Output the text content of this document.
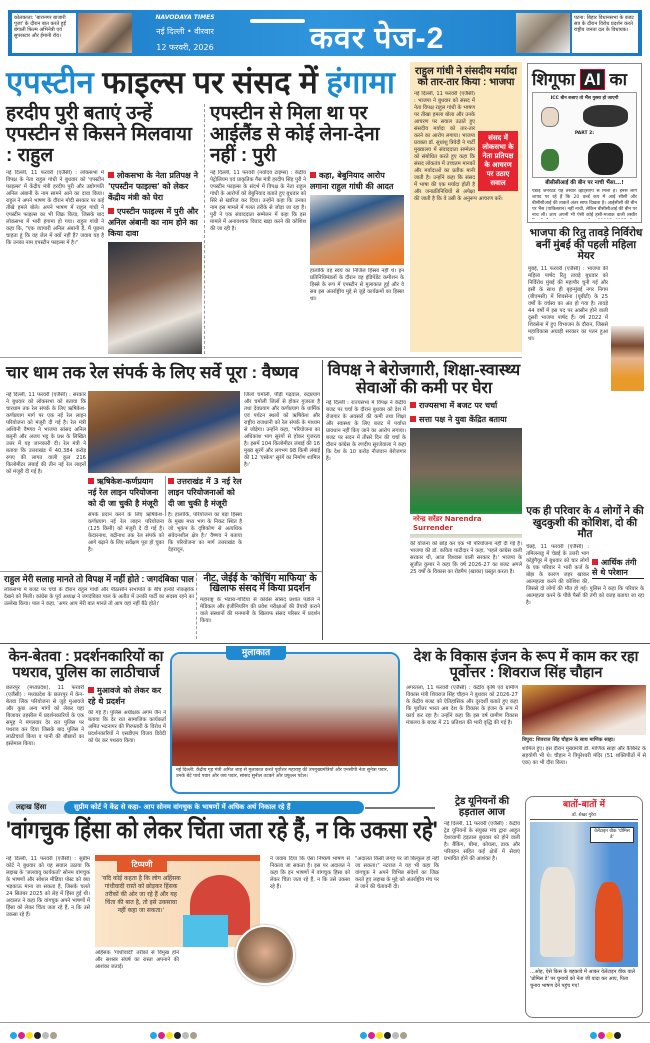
कोलकाता: 'बारानगर बाजारी पूजा' के दौरान बात करते हुईं बंगाली फिल्म अभिनेत्री एवं सुपरस्टार और ईमानी रॉय।
NAVODAYA TIMES
नई दिल्ली • वीरवार
12 फरवरी, 2026	कवर पेज-2
पटना: बिहार विधानसभा के बजट सत्र के दौरान विरोध प्रदर्शन करते राष्ट्रीय जनता दल के विधायक।
एपस्टीन फाइल्स पर संसद में हंगामा
हरदीप पुरी बताएं उन्हें एपस्टीन से किसने मिलवाया : राहुल

नई दिल्ली, 11 फरवरी (एजैंसी) : लोकसभा में विपक्ष के नेता राहुल गांधी ने बुधवार को 'एपस्टीन फाइल्स' में केंद्रीय मंत्री हरदीप पुरी और उद्योगपति अनिल अंबानी के नाम सामने आने का दावा किया। राहुल ने अपने भाषण के दौरान मोदी सरकार पर कई तीखे हमले बोले। अपने भाषण में राहुल गांधी ने एपस्टीन फाइल्स का भी जिक्र किया, जिसके बाद लोकसभा में भारी हंगामा हो गया। राहुल गांधी ने कहा कि, "एक व्यापारी अनिल अंबानी हैं, मैं पूछना चाहता हूं कि वह जेल में क्यों नहीं हैं? जवाब यह है कि उनका नाम एपस्टीन फाइल्स में है।"

लोकसभा के नेता प्रतिपक्ष ने 'एपस्टीन फाइल्स' को लेकर केंद्रीय मंत्री को घेरा
एपस्टीन फाइल्स में पुरी और अनिल अंबानी का नाम होने का किया दावा
एपस्टीन से मिला था पर आईलैंड से कोई लेना-देना नहीं : पुरी

नई दिल्ली, 11 फरवरी (नवोदय टाइम्स) : केंद्रीय पेट्रोलियम एवं प्राकृतिक गैस मंत्री हरदीप सिंह पुरी ने एपस्टीन फाइल्स के संदर्भ में विपक्ष के नेता राहुल गांधी के आरोपों को बेबुनियाद बताते हुए बुधवार को सिरे से खारिज कर दिया। उन्होंने कहा कि उनका नाम इस मामले में गलत तरीके से जोड़ा जा रहा है। पुरी ने एक संवाददाता सम्मेलन में कहा कि इस मामले में अनावश्यक विवाद खड़ा करने की कोशिश की जा रही है।

कहा, बेबुनियाद आरोप लगाना राहुल गांधी की आदत

हालांकि वह स्वयं का निजिल हिस्सा नहीं थे। इन प्रतिनिधिमंडलों के दौरान वह इंडिपेंडेंट कमीशन के हिस्से के रूप में एपस्टीन से मुलाकात हुई और वे सब इस अंतर्राष्ट्रीय मुद्दे से जुड़े कार्यक्रमों का हिस्सा था।

राहुल गांधी ने संसदीय मर्यादा को तार-तार किया : भाजपा
संसद में लोकसभा के नेता प्रतिपक्ष के आचरण पर उठाए सवाल

नई दिल्ली, 11 फरवरी (एजैंसी) : भाजपा ने बुधवार को संसद में नेता विपक्ष राहुल गांधी के भाषण पर तीखा हमला बोला और उनके आचरण पर सवाल उठाते हुए संसदीय मर्यादा को तार-तार करने का आरोप लगाया। भाजपा प्रवक्ता डॉ. सुधांशु त्रिवेदी ने पार्टी मुख्यालय में संवाददाता सम्मेलन को संबोधित करते हुए कहा कि संसद लोकतंत्र में उच्चतम मानकों और मर्यादाओं का प्रतीक मानी जाती है। उन्होंने कहा कि संसद में भाषा की एक मर्यादा होती है और जनप्रतिनिधियों से अपेक्षा की जाती है कि वे उसी के अनुरूप आचरण करें।

शिगूफा AI का
ICC बीन बजाए तो भैंस गुस्सा हो जाएगी
PART 2:
बीसीसीआई की बीन पर नाची भैंसा...!

एडाई जेनरेटेड यह तस्वीर व्हाट्सएप से मिली है। इनसे लोग शायद पर रहे हैं कि 20 वर्ल्ड कप में आई सीसी और बीसीसीआई की ताकतें अंतर साफ दिखता है। आईसीसी की बीन पर भैंस (पाकिस्तान) नहीं नाची, लेकिन बीसीसीआई की बीन पर नाच ली। आप अपनी भी ऐसी कोई हंसी-मजाक वाली तस्वीर

भाजपा की रितु तावड़े निर्विरोध बनीं मुंबई की पहली महिला मेयर

मुंबई, 11 फरवरी (एजैंसी) : भाजपा की महिला पार्षद रितु तावड़े बुधवार को निर्विरोध मुंबई की महापौर चुनी गईं और इसी के साथ ही बृहन्मुंबई नगर निगम (बीएमसी) में शिवसेना (यूबीटी) के 25 वर्षों के वर्चस्व का अंत हो गया है। तावड़े 44 वर्षों में इस पद पर आसीन होने वाली दूसरी भाजपा पार्षद हैं। वर्ष 2022 में शिवसेना में हुए विभाजन के दौरान, जिससे महाविकास अघाड़ी सरकार का पतन हुआ था।

चार धाम तक रेल संपर्क के लिए सर्वे पूरा : वैष्णव

नई दिल्ली, 11 फरवरी (एजैंसी) : सरकार ने बुधवार को लोकसभा को बताया कि चारधाम तक रेल संपर्क के लिए ऋषिकेश-कर्णप्रयाग मार्ग पर एक नई रेल लाइन परियोजना को मंजूरी दी गई है। रेल मंत्री अश्विनी वैष्णव ने भाजपा सांसद अनिल बलूनी और अजय भट्ट के प्रश्न के लिखित उत्तर में यह जानकारी दी। रेल मंत्री ने बताया कि उत्तराखंड में 40,384 करोड़ रुपए की लागत वाली कुल 216 किलोमीटर लंबाई की तीन नई रेल लाइनों को मंजूरी दी गई है।

जिलों चमोली, पौड़ी गढ़वाल, रुद्रप्रयाग और चमोली जिलों से होकर गुजरता है तथा देवप्रयाग और कर्णप्रयाग के धार्मिक एवं पर्यटन स्थलों को ऋषिकेश और राष्ट्रीय राजधानी को रेल संपर्क के माध्यम से जोड़ेगा। उन्होंने कहा, 'परियोजना का अधिकांश भाग सुरंगों से होकर गुजरता है। इसमें 104 किलोमीटर लंबाई की 16 मुख्य सुरंगें और लगभग 98 किमी लंबाई की 12 'एस्केप' सुरंगें का निर्माण शामिल है।'

ऋषिकेश-कर्णप्रयाग नई रेल लाइन परियोजना को दी जा चुकी है मंजूरी

संपर्क प्रदान करने के लिए ऋषिकेश-कर्णप्रयाग नई रेल लाइन परियोजना (125 किमी) को मंजूरी दे दी गई है। केदारनाथ, बद्रीनाथ तक रेल संपर्क को आगे बढ़ाने के लिए सर्वेक्षण पूरा हो चुका है।

उत्तराखंड में 3 नई रेल लाइन परियोजनाओं को दी जा चुकी है मंजूरी

है। हालांकि, परियोजना का बड़ा हिस्सा के मुख्य मध्य भाग के निकट स्थित है जो भूकंप के दृष्टिकोण से अत्यधिक संवेदनशील क्षेत्र है।' वैष्णव ने बताया कि परियोजना का मार्ग उत्तराखंड के देहरादून,

विपक्ष ने बेरोजगारी, शिक्षा-स्वास्थ्य सेवाओं की कमी पर घेरा

नई दिल्ली : राज्यसभा में विपक्ष ने केंद्रीय बजट पर चर्चा के दौरान बुधवार को देश में रोजगार के अवसरों की कमी तथा शिक्षा और स्वास्थ्य के लिए बजट में पर्याप्त प्रावधान नहीं किए जाने का आरोप लगाया। बजट पर सदन में तीसरे दिन की चर्चा के दौरान कांग्रेस के रणदीप सुरजेवाला ने कहा कि देश के 10 करोड़ नौजवान बेरोजगार हैं।

राज्यसभा में बजट पर चर्चा
सत्ता पक्ष ने युवा केंद्रित बताया
नरेन्द्र सरेंडर Narendra Surrender

की योजना को छोड़ कर एक भी परियोजना नहीं दी गई है। भाजपा की डॉ. कविता पाटीदार ने कहा, 'पहले कांग्रेस वाली सरकार थी, आज विश्वास वाली सरकार है।' भाजपा के सुजीत कुमार ने कहा कि वर्ष 2026-27 का बजट अगले 25 वर्षों के विकास का रोडमैप (खाका) प्रस्तुत करता है।

राहुल मेरी सलाह मानते तो विपक्ष में नहीं होते : जगदंबिका पाल

लोकसभा में बजट पर चर्चा के दौरान राहुल गांधी और पीठासीन सभापति के बीच हल्की नोकझोंक देखने को मिली। कांग्रेस के पूर्व अध्यक्ष ने जगदंबिका पाल के अतीत में उनकी पार्टी का सदस्य रहने का उल्लेख किया। पाल ने कहा, 'अगर आप मेरी बात मानते तो आप वहां नहीं बैठे होते।'

नीट, जेईई के 'कोचिंग माफिया' के खिलाफ संसद में किया प्रदर्शन

महाराष्ट्र के भंडारा-गोंदिया से कांग्रेस सांसद प्रशांत पडोले ने मेडिकल और इंजीनियरिंग की प्रवेश परीक्षाओं की तैयारी कराने वाले संस्थानों की मनमानी के खिलाफ संसद परिसर में प्रदर्शन किया।

एक ही परिवार के 4 लोगों ने की खुदकुशी की कोशिश, दो की मौत
आर्थिक तंगी से थे परेशान

चेन्नई, 11 फरवरी (एजैंसी) : तमिलनाडु में चेन्नई के उत्तरी भाग कोडुंगैयूर में बुधवार को चार लोगों के एक परिवार ने भारी कर्ज के बोझ के कारण जहर खाकर आत्महत्या करने की कोशिश की, जिससे दो लोगों की मौत हो गई। पुलिस ने कहा कि परिवार के आत्महत्या करने के पीछे पैसों की तंगी को वजह बताया जा रहा है।

केन-बेतवा : प्रदर्शनकारियों का पथराव, पुलिस का लाठीचार्ज

छतरपुर (मध्यप्रदेश), 11 फरवरी (एजैंसी) : मध्यप्रदेश के छतरपुर में केन-बेतवा लिंक परियोजना से जुड़े मुआवजे और कुछ अन्य मांगों को लेकर यहां बिजावर तहसील में प्रदर्शनकारियों के एक समूह ने मंगलवार देर रात पुलिस पर पथराव कर दिया जिसके बाद पुलिस ने लाठीचार्ज किया व पानी की बौछारों का इस्तेमाल किया।

मुआवजे को लेकर कर रहे थे प्रदर्शन

की गई है। पुलिस अधीक्षक अगम जैन ने बताया कि देर रात सामाजिक कार्यकर्ता अमित भटनागर की गिरफ्तारी के विरोध में प्रदर्शनकारियों ने एसडीएम विजय डिवेदी को घेर कर पथराव किया।

नई दिल्ली: केंद्रीय गृह मंत्री अमित शाह से मुलाकात करते पूर्वोत्तर महाराष्ट्र की उपमुख्यमंत्रियों और एनसीपी नेता सुनेत्रा पवार, उनके बेटे पार्थ पवार और जय पवार, सांसद सुनील तटकरे और प्रफुल्ल पटेल।

मुलाकात	देश के विकास इंजन के रूप में काम कर रहा पूर्वोत्तर : शिवराज सिंह चौहान

अगरतला, 11 फरवरी (एजैंसी) : केंद्रीय कृषि एवं ग्रामीण विकास मंत्री शिवराज सिंह चौहान ने बुधवार को 2026-27 के केंद्रीय बजट को ऐतिहासिक और दूरदर्शी बताते हुए कहा कि पूर्वोत्तर भारत अब देश के विकास के इंजन के रूप में कार्य कर रहा है। उन्होंने कहा कि इस वर्ष ग्रामीण विकास मंत्रालय के बजट में 21 प्रतिशत की भारी वृद्धि की गई है।

त्रिपुरा: शिवराज सिंह चौहान के साथ माणिक साहा।

शामिल हुए। इस दौरान मुख्यमंत्री डॉ. माणिक साहा और कैबिनेट के सहयोगी भी थे। चौहान ने त्रिपुरेश्वरी मंदिर (51 शक्तिपीठों में से एक) का भी दौरा किया।

लद्दाख हिंसा	सुप्रीम कोर्ट ने केंद्र से कहा- आप सोनम वांगचुक के भाषणों में अधिक अर्थ निकाल रहे हैं
'वांगचुक हिंसा को लेकर चिंता जता रहे हैं, न कि उकसा रहे'

नई दिल्ली, 11 फरवरी (एजैंसी) : सुप्रीम कोर्ट ने बुधवार को यह सवाल उठाया कि लद्दाख के 'जलवायु कार्यकर्ता' सोनम वांगचुक के भाषणों और सोशल मीडिया पोस्ट को क्या भड़काऊ माना जा सकता है, जिसके चलते 24 सितंबर 2025 को लेह में हिंसा हुई थी। अदालत ने कहा कि वांगचुक अपने भाषणों में हिंसा को लेकर चिंता जता रहे हैं, न कि उसे उकसा रहे हैं।

टिप्पणी
'यदि कोई कहता है कि लोग अहिंसक गांधीवादी रास्ते को छोड़कर हिंसक तरीकों की ओर जा रहे हैं और यह चिंता की बात है, तो इसे उकसावा नहीं कहा जा सकता।'

अहिंसक 'गांधीवादी' तरीकों से विमुख होने और सशस्त्र संघर्ष का रास्ता अपनाने की आशंका जताई।

ने जवाब दिया कि ऐसा निष्कर्ष भाषण से निकला जा सकता है। इस पर अदालत ने कहा कि इन भाषणों में वांगचुक हिंसा को लेकर चिंता जता रहे हैं, न कि उसे उकसा रहे हैं।

"अदालत किसी जगह पर जो बिल्कुल हो नहीं जा सकता।" नटराज ने यह भी कहा कि वांगचुक ने अपने विभिन्न संदेशों का जिक्र करते हुए लद्दाख के मुद्दे को अंतर्राष्ट्रीय मंच पर ले जाने की चेतावनी दी।

ट्रेड यूनियनों की हड़ताल आज

नई दिल्ली, 11 फरवरी (एजैंसी) : केंद्रीय ट्रेड यूनियनों के संयुक्त मंच द्वारा आहूत देशव्यापी हड़ताल बुधवार को होने वाली है। बैंकिंग, बीमा, कोयला, डाक और परिवहन सहित कई क्षेत्रों में सेवाएं प्रभावित होने की आशंका है।

बातों-बातों में
डॉ. शेखर गुरेरा
वेलेंटाइन वीक 'प्रोमिस डे'

...ओह, ऐसे किस के बहकावे में आकर वेलेंटाइन वीक वाले 'प्रोमिस डे' पर चुनावों को नेता जी वादा कर आए, पिता चुनाव भाषण देने पहुंच गए!
